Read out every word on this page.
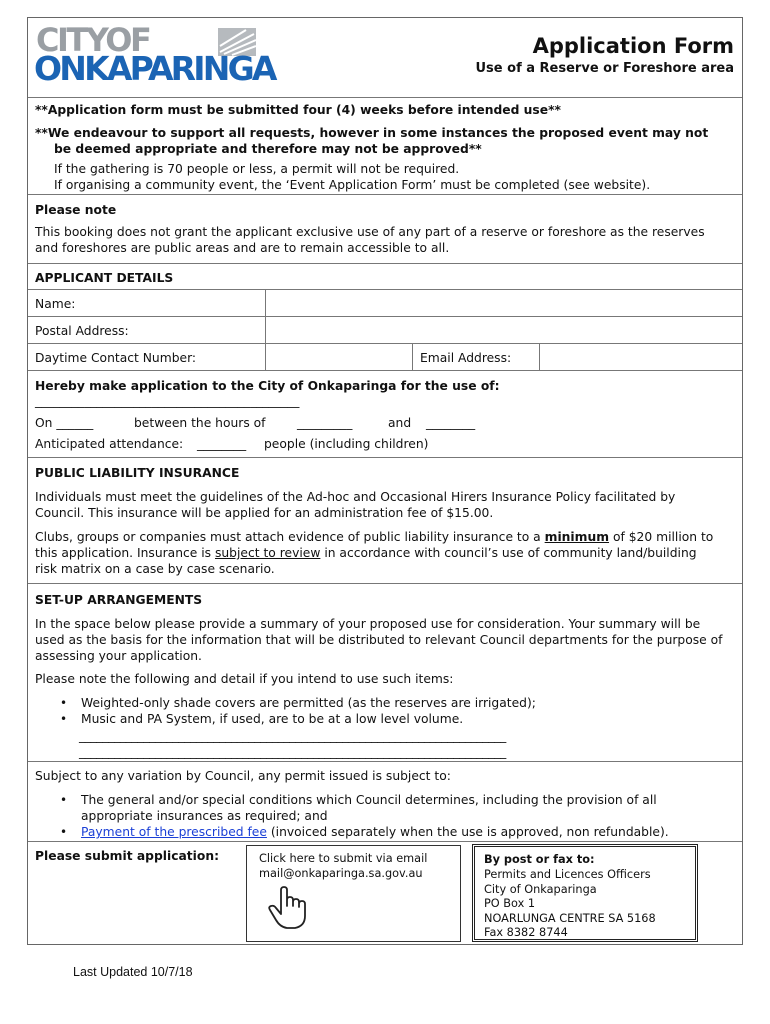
CITYOF
ONKAPARINGA
Application Form
Use of a Reserve or Foreshore area
**Application form must be submitted four (4) weeks before intended use**
**We endeavour to support all requests, however in some instances the proposed event may not
be deemed appropriate and therefore may not be approved**
If the gathering is 70 people or less, a permit will not be required.
If organising a community event, the ‘Event Application Form’ must be completed (see website).
Please note
This booking does not grant the applicant exclusive use of any part of a reserve or foreshore as the reserves
and foreshores are public areas and are to remain accessible to all.
APPLICANT DETAILS
Name:
Postal Address:
Daytime Contact Number:	Email Address:
Hereby make application to the City of Onkaparinga for the use of:
___________________________________________
On ______	between the hours of	_________	and ________
Anticipated attendance: ________ people (including children)
PUBLIC LIABILITY INSURANCE
Individuals must meet the guidelines of the Ad-hoc and Occasional Hirers Insurance Policy facilitated by
Council. This insurance will be applied for an administration fee of $15.00.
Clubs, groups or companies must attach evidence of public liability insurance to a minimum of $20 million to
this application. Insurance is subject to review in accordance with council’s use of community land/building
risk matrix on a case by case scenario.
SET-UP ARRANGEMENTS
In the space below please provide a summary of your proposed use for consideration. Your summary will be
used as the basis for the information that will be distributed to relevant Council departments for the purpose of
assessing your application.
Please note the following and detail if you intend to use such items:
• Weighted-only shade covers are permitted (as the reserves are irrigated);
• Music and PA System, if used, are to be at a low level volume.
_________________________________________________________________________
_________________________________________________________________________
Subject to any variation by Council, any permit issued is subject to:
• The general and/or special conditions which Council determines, including the provision of all
appropriate insurances as required; and
• Payment of the prescribed fee (invoiced separately when the use is approved, non refundable).
Please submit application:	Click here to submit via email
mail@onkaparinga.sa.gov.au
By post or fax to:
Permits and Licences Officers
City of Onkaparinga
PO Box 1
NOARLUNGA CENTRE SA 5168
Fax 8382 8744
Last Updated 10/7/18
